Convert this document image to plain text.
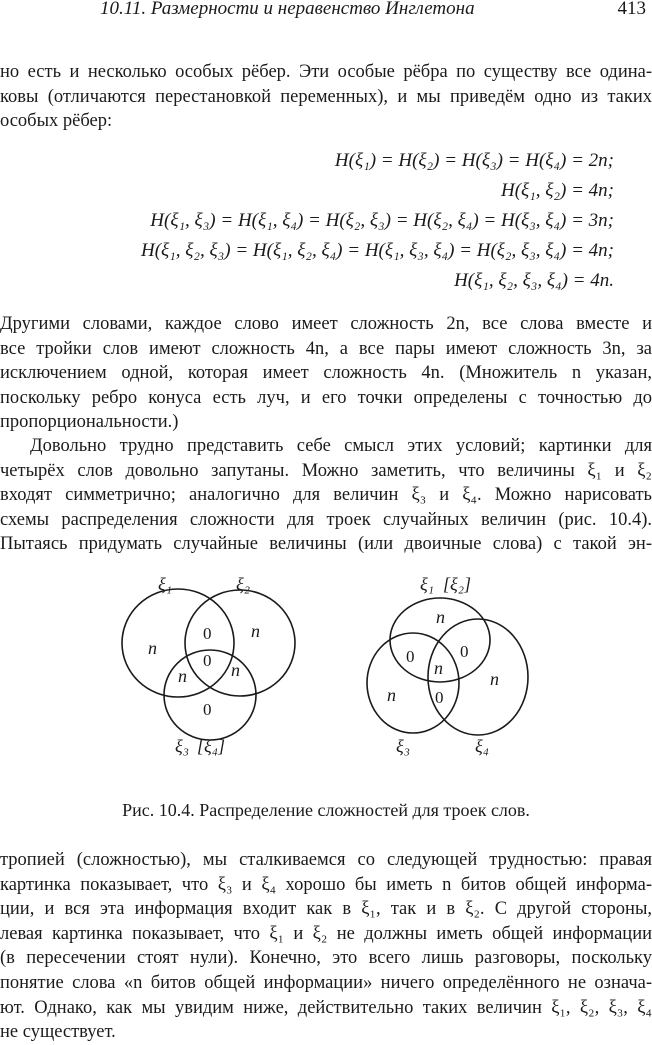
10.11. Размерности и неравенство Инглетона	413
но есть и несколько особых рёбер. Эти особые рёбра по существу все одина-
ковы (отличаются перестановкой переменных), и мы приведём одно из таких
особых рёбер:
H(ξ₁) = H(ξ₂) = H(ξ₃) = H(ξ₄) = 2n;
H(ξ₁, ξ₂) = 4n;
H(ξ₁, ξ₃) = H(ξ₁, ξ₄) = H(ξ₂, ξ₃) = H(ξ₂, ξ₄) = H(ξ₃, ξ₄) = 3n;
H(ξ₁, ξ₂, ξ₃) = H(ξ₁, ξ₂, ξ₄) = H(ξ₁, ξ₃, ξ₄) = H(ξ₂, ξ₃, ξ₄) = 4n;
H(ξ₁, ξ₂, ξ₃, ξ₄) = 4n.
Другими словами, каждое слово имеет сложность 2n, все слова вместе и
все тройки слов имеют сложность 4n, а все пары имеют сложность 3n, за
исключением одной, которая имеет сложность 4n. (Множитель n указан,
поскольку ребро конуса есть луч, и его точки определены с точностью до
пропорциональности.)
Довольно трудно представить себе смысл этих условий; картинки для
четырёх слов довольно запутаны. Можно заметить, что величины ξ₁ и ξ₂
входят симметрично; аналогично для величин ξ₃ и ξ₄. Можно нарисовать
схемы распределения сложности для троек случайных величин (рис. 10.4).
Пытаясь придумать случайные величины (или двоичные слова) с такой эн-
ξ₁	ξ₂
ξ₃ [ξ₄]
n
n
0
0
n n
0
ξ₁ [ξ₂]
ξ₃	ξ₄
n
0	0
n
n
n
0
Рис. 10.4. Распределение сложностей для троек слов.
тропией (сложностью), мы сталкиваемся со следующей трудностью: правая
картинка показывает, что ξ₃ и ξ₄ хорошо бы иметь n битов общей информа-
ции, и вся эта информация входит как в ξ₁, так и в ξ₂. С другой стороны,
левая картинка показывает, что ξ₁ и ξ₂ не должны иметь общей информации
(в пересечении стоят нули). Конечно, это всего лишь разговоры, поскольку
понятие слова «n битов общей информации» ничего определённого не означа-
ют. Однако, как мы увидим ниже, действительно таких величин ξ₁, ξ₂, ξ₃, ξ₄
не существует.
